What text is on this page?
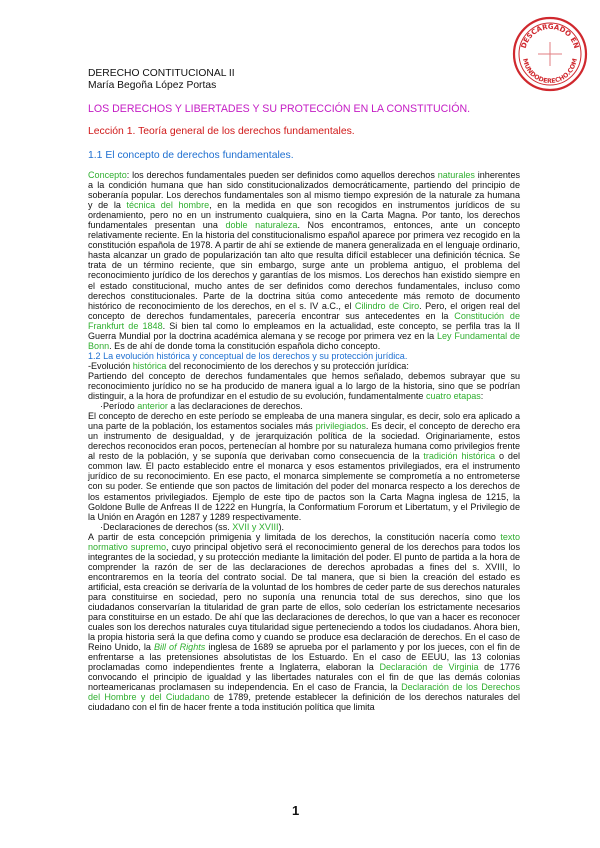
DESCARGADO EN
MUNDODERECHO.COM
DERECHO CONTITUCIONAL II
María Begoña López Portas
LOS DERECHOS Y LIBERTADES Y SU PROTECCIÓN EN LA CONSTITUCIÓN.
Lección 1. Teoría general de los derechos fundamentales.
1.1 El concepto de derechos fundamentales.

Concepto: los derechos fundamentales pueden ser definidos como aquellos derechos naturales inherentes a la condición humana que han sido constitucionalizados democráticamente, partiendo del principio de soberanía popular. Los derechos fundamentales son al mismo tiempo expresión de la naturale za humana y de la técnica del hombre, en la medida en que son recogidos en instrumentos jurídicos de su ordenamiento, pero no en un instrumento cualquiera, sino en la Carta Magna. Por tanto, los derechos fundamentales presentan una doble naturaleza. Nos encontramos, entonces, ante un concepto relativamente reciente. En la historia del constitucionalismo español aparece por primera vez recogido en la constitución española de 1978. A partir de ahí se extiende de manera generalizada en el lenguaje ordinario, hasta alcanzar un grado de popularización tan alto que resulta difícil establecer una definición técnica. Se trata de un término reciente, que sin embargo, surge ante un problema antiguo, el problema del reconocimiento jurídico de los derechos y garantías de los mismos. Los derechos han existido siempre en el estado constitucional, mucho antes de ser definidos como derechos fundamentales, incluso como derechos constitucionales. Parte de la doctrina sitúa como antecedente más remoto de documento histórico de reconocimiento de los derechos, en el s. IV a.C., el Cilindro de Ciro. Pero, el origen real del concepto de derechos fundamentales, parecería encontrar sus antecedentes en la Constitución de Frankfurt de 1848. Si bien tal como lo empleamos en la actualidad, este concepto, se perfila tras la II Guerra Mundial por la doctrina académica alemana y se recoge por primera vez en la Ley Fundamental de Bonn. Es de ahí de donde toma la constitución española dicho concepto.

1.2 La evolución histórica y conceptual de los derechos y su protección jurídica.

-Evolución histórica del reconocimiento de los derechos y su protección jurídica:

Partiendo del concepto de derechos fundamentales que hemos señalado, debemos subrayar que su reconocimiento jurídico no se ha producido de manera igual a lo largo de la historia, sino que se podrían distinguir, a la hora de profundizar en el estudio de su evolución, fundamentalmente cuatro etapas:

·Período anterior a las declaraciones de derechos.

El concepto de derecho en este período se empleaba de una manera singular, es decir, solo era aplicado a una parte de la población, los estamentos sociales más privilegiados. Es decir, el concepto de derecho era un instrumento de desigualdad, y de jerarquización política de la sociedad. Originariamente, estos derechos reconocidos eran pocos, pertenecían al hombre por su naturaleza humana como privilegios frente al resto de la población, y se suponía que derivaban como consecuencia de la tradición histórica o del common law. El pacto establecido entre el monarca y esos estamentos privilegiados, era el instrumento jurídico de su reconocimiento. En ese pacto, el monarca simplemente se comprometía a no entrometerse con su poder. Se entiende que son pactos de limitación del poder del monarca respecto a los derechos de los estamentos privilegiados. Ejemplo de este tipo de pactos son la Carta Magna inglesa de 1215, la Goldone Bulle de Anfreas II de 1222 en Hungría, la Conformatium Fororum et Libertatum, y el Privilegio de la Unión en Aragón en 1287 y 1289 respectivamente.

·Declaraciones de derechos (ss. XVII y XVIII).

A partir de esta concepción primigenia y limitada de los derechos, la constitución nacería como texto normativo supremo, cuyo principal objetivo será el reconocimiento general de los derechos para todos los integrantes de la sociedad, y su protección mediante la limitación del poder. El punto de partida a la hora de comprender la razón de ser de las declaraciones de derechos aprobadas a fines del s. XVIII, lo encontraremos en la teoría del contrato social. De tal manera, que si bien la creación del estado es artificial, esta creación se derivaría de la voluntad de los hombres de ceder parte de sus derechos naturales para constituirse en sociedad, pero no suponía una renuncia total de sus derechos, sino que los ciudadanos conservarían la titularidad de gran parte de ellos, solo cederían los estrictamente necesarios para constituirse en un estado. De ahí que las declaraciones de derechos, lo que van a hacer es reconocer cuales son los derechos naturales cuya titularidad sigue perteneciendo a todos los ciudadanos. Ahora bien, la propia historia será la que defina como y cuando se produce esa declaración de derechos. En el caso de Reino Unido, la Bill of Rights inglesa de 1689 se aprueba por el parlamento y por los jueces, con el fin de enfrentarse a las pretensiones absolutistas de los Estuardo. En el caso de EEUU, las 13 colonias proclamadas como independientes frente a Inglaterra, elaboran la Declaración de Virginia de 1776 convocando el principio de igualdad y las libertades naturales con el fin de que las demás colonias norteamericanas proclamasen su independencia. En el caso de Francia, la Declaración de los Derechos del Hombre y del Ciudadano de 1789, pretende establecer la definición de los derechos naturales del ciudadano con el fin de hacer frente a toda institución política que limita

1
